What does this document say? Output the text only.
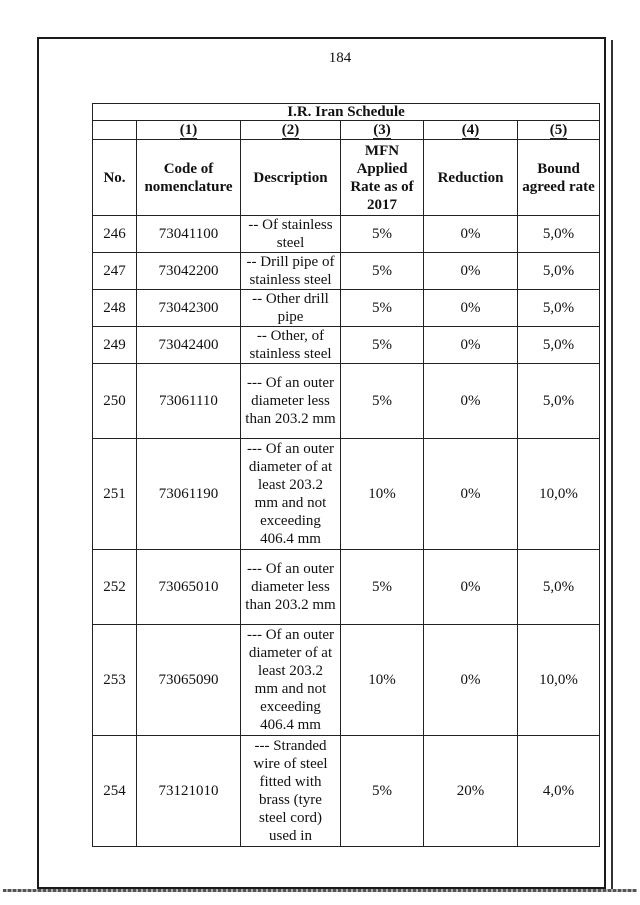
184
I.R. Iran Schedule					
	(1)	(2)	(3)	(4)	(5)
No.	Code of nomenclature	Description	MFN Applied Rate as of 2017	Reduction	Bound agreed rate
246	73041100	-- Of stainless steel	5%	0%	5,0%
247	73042200	-- Drill pipe of stainless steel	5%	0%	5,0%
248	73042300	-- Other drill pipe	5%	0%	5,0%
249	73042400	-- Other, of stainless steel	5%	0%	5,0%
250	73061110	--- Of an outer diameter less than 203.2 mm	5%	0%	5,0%
251	73061190	--- Of an outer diameter of at least 203.2 mm and not exceeding 406.4 mm	10%	0%	10,0%
252	73065010	--- Of an outer diameter less than 203.2 mm	5%	0%	5,0%
253	73065090	--- Of an outer diameter of at least 203.2 mm and not exceeding 406.4 mm	10%	0%	10,0%
254	73121010	--- Stranded wire of steel fitted with brass (tyre steel cord) used in	5%	20%	4,0%
